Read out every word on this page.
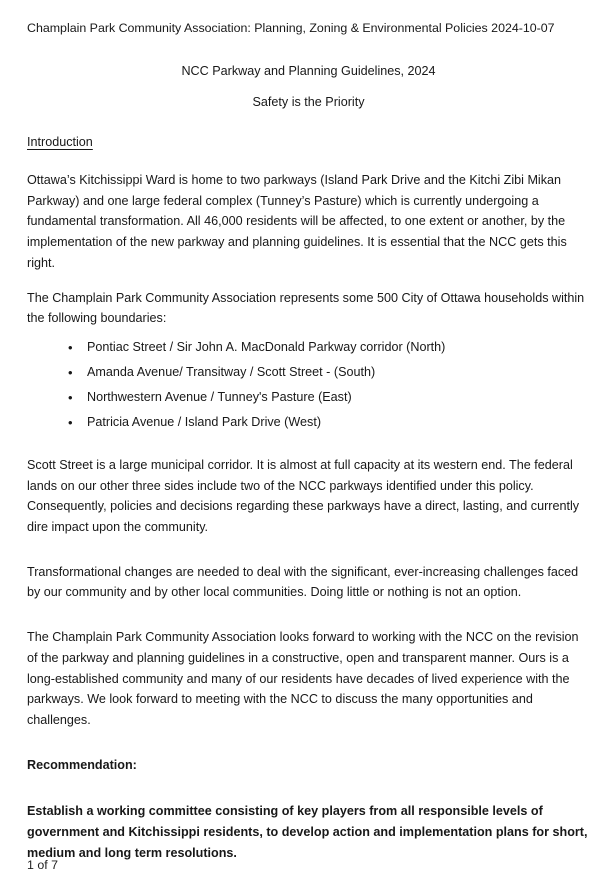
Champlain Park Community Association: Planning, Zoning & Environmental Policies 2024-10-07
NCC Parkway and Planning Guidelines, 2024
Safety is the Priority
Introduction

Ottawa’s Kitchissippi Ward is home to two parkways (Island Park Drive and the Kitchi Zibi Mikan Parkway) and one large federal complex (Tunney’s Pasture) which is currently undergoing a fundamental transformation. All 46,000 residents will be affected, to one extent or another, by the implementation of the new parkway and planning guidelines. It is essential that the NCC gets this right.

The Champlain Park Community Association represents some 500 City of Ottawa households within the following boundaries:

• Pontiac Street / Sir John A. MacDonald Parkway corridor (North)
• Amanda Avenue/ Transitway / Scott Street - (South)
• Northwestern Avenue / Tunney's Pasture (East)
• Patricia Avenue / Island Park Drive (West)

Scott Street is a large municipal corridor. It is almost at full capacity at its western end. The federal lands on our other three sides include two of the NCC parkways identified under this policy. Consequently, policies and decisions regarding these parkways have a direct, lasting, and currently dire impact upon the community.

Transformational changes are needed to deal with the significant, ever-increasing challenges faced by our community and by other local communities. Doing little or nothing is not an option.

The Champlain Park Community Association looks forward to working with the NCC on the revision of the parkway and planning guidelines in a constructive, open and transparent manner. Ours is a long-established community and many of our residents have decades of lived experience with the parkways. We look forward to meeting with the NCC to discuss the many opportunities and challenges.

Recommendation:

Establish a working committee consisting of key players from all responsible levels of government and Kitchissippi residents, to develop action and implementation plans for short, medium and long term resolutions.

1 of 7
